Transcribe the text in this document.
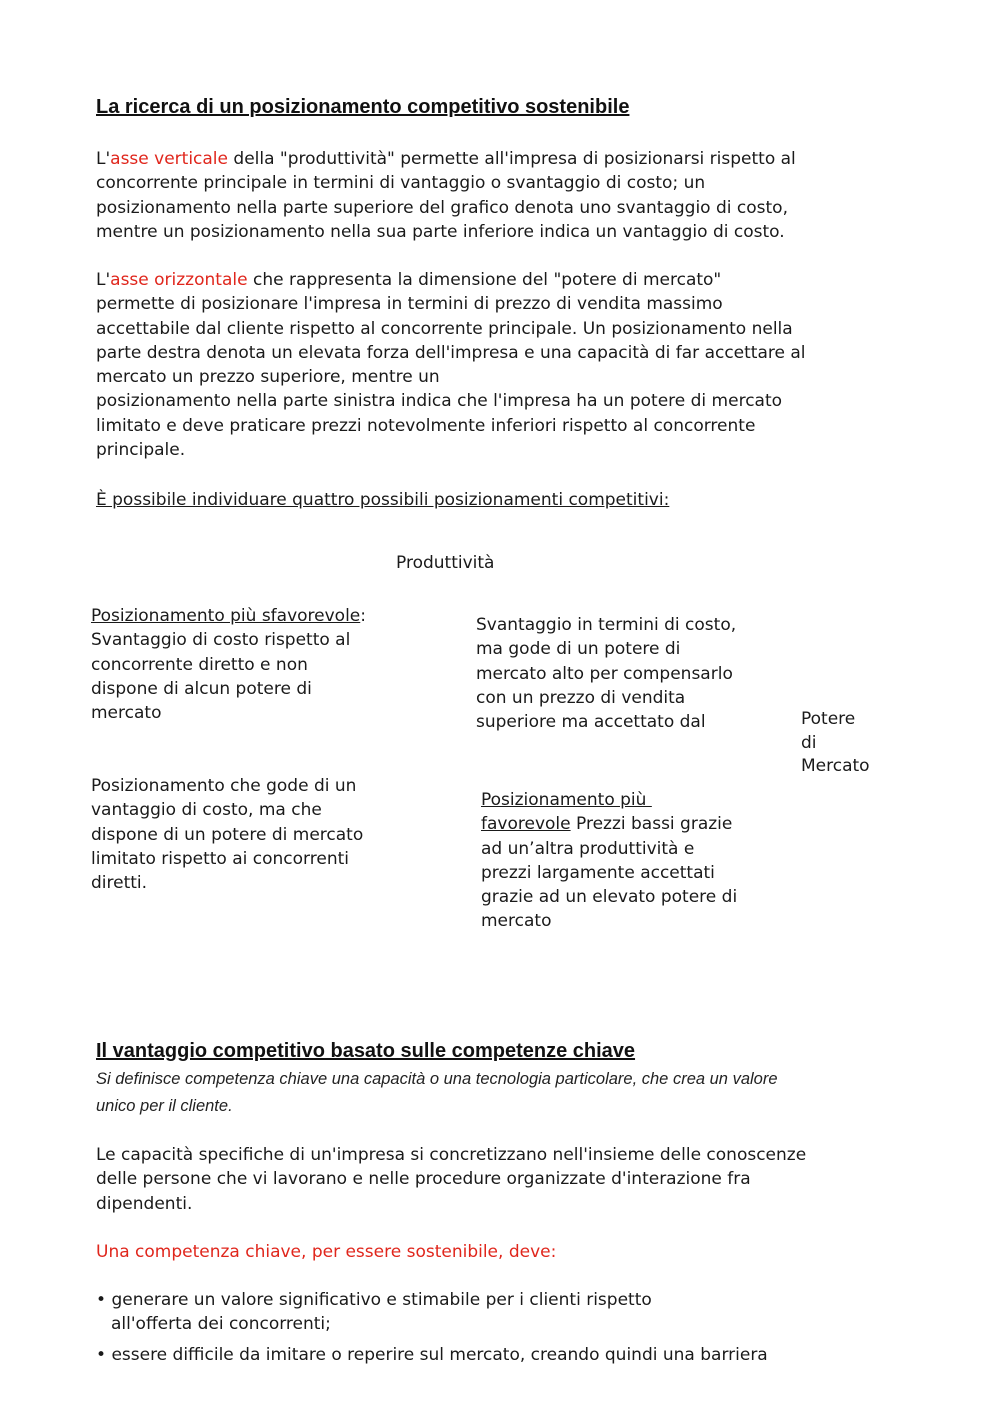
La ricerca di un posizionamento competitivo sostenibile
L'asse verticale della "produttività" permette all'impresa di posizionarsi rispetto al
concorrente principale in termini di vantaggio o svantaggio di costo; un
posizionamento nella parte superiore del grafico denota uno svantaggio di costo,
mentre un posizionamento nella sua parte inferiore indica un vantaggio di costo.
L'asse orizzontale che rappresenta la dimensione del "potere di mercato"
permette di posizionare l'impresa in termini di prezzo di vendita massimo
accettabile dal cliente rispetto al concorrente principale. Un posizionamento nella
parte destra denota un elevata forza dell'impresa e una capacità di far accettare al
mercato un prezzo superiore, mentre un
posizionamento nella parte sinistra indica che l'impresa ha un potere di mercato
limitato e deve praticare prezzi notevolmente inferiori rispetto al concorrente
principale.
È possibile individuare quattro possibili posizionamenti competitivi:
Produttività
Posizionamento più sfavorevole:
Svantaggio di costo rispetto al
concorrente diretto e non
dispone di alcun potere di
mercato
Svantaggio in termini di costo,
ma gode di un potere di
mercato alto per compensarlo
con un prezzo di vendita
superiore ma accettato dal	Potere
di
Mercato
Posizionamento che gode di un
vantaggio di costo, ma che
dispone di un potere di mercato
limitato rispetto ai concorrenti
diretti.
Posizionamento più
favorevole Prezzi bassi grazie
ad un’altra produttività e
prezzi largamente accettati
grazie ad un elevato potere di
mercato
Il vantaggio competitivo basato sulle competenze chiave
Si definisce competenza chiave una capacità o una tecnologia particolare, che crea un valore
unico per il cliente.
Le capacità specifiche di un'impresa si concretizzano nell'insieme delle conoscenze
delle persone che vi lavorano e nelle procedure organizzate d'interazione fra
dipendenti.
Una competenza chiave, per essere sostenibile, deve:
• generare un valore significativo e stimabile per i clienti rispetto
all'offerta dei concorrenti;
• essere difficile da imitare o reperire sul mercato, creando quindi una barriera
